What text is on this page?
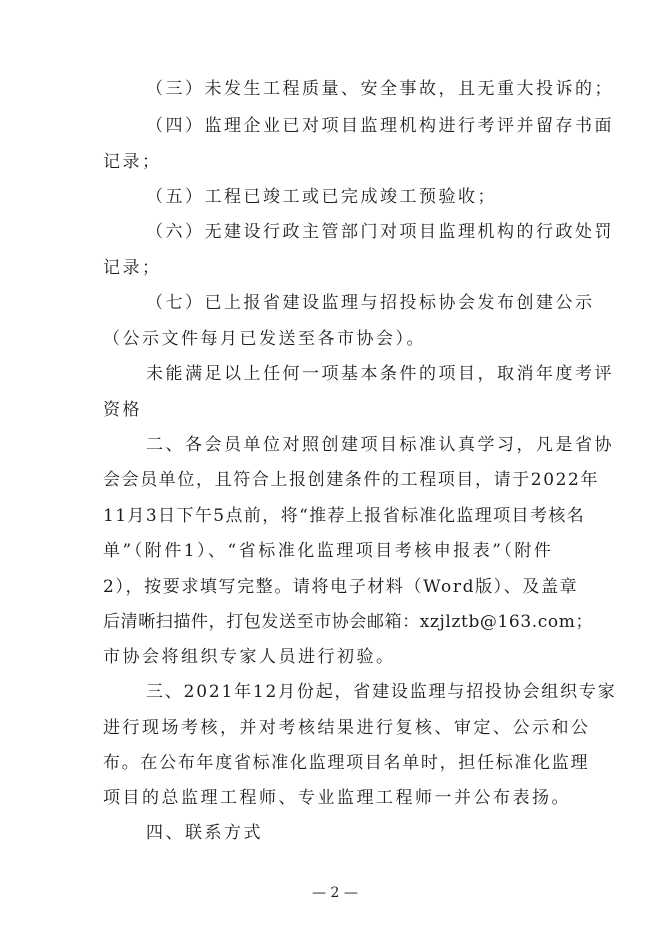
（三）未发生工程质量、安全事故，且无重大投诉的；
（四）监理企业已对项目监理机构进行考评并留存书面
记录；
（五）工程已竣工或已完成竣工预验收；
（六）无建设行政主管部门对项目监理机构的行政处罚
记录；
（七）已上报省建设监理与招投标协会发布创建公示
（公示文件每月已发送至各市协会）。
未能满足以上任何一项基本条件的项目，取消年度考评
资格
二、各会员单位对照创建项目标准认真学习，凡是省协
会会员单位，且符合上报创建条件的工程项目，请于2022年
11月3日下午5点前，将“推荐上报省标准化监理项目考核名
单”（附件1）、“省标准化监理项目考核申报表”（附件
2），按要求填写完整。请将电子材料（Word版）、及盖章
后清晰扫描件，打包发送至市协会邮箱：xzjlztb@163.com；
市协会将组织专家人员进行初验。
三、2021年12月份起，省建设监理与招投协会组织专家
进行现场考核，并对考核结果进行复核、审定、公示和公
布。在公布年度省标准化监理项目名单时，担任标准化监理
项目的总监理工程师、专业监理工程师一并公布表扬。
四、联系方式
— 2 —
